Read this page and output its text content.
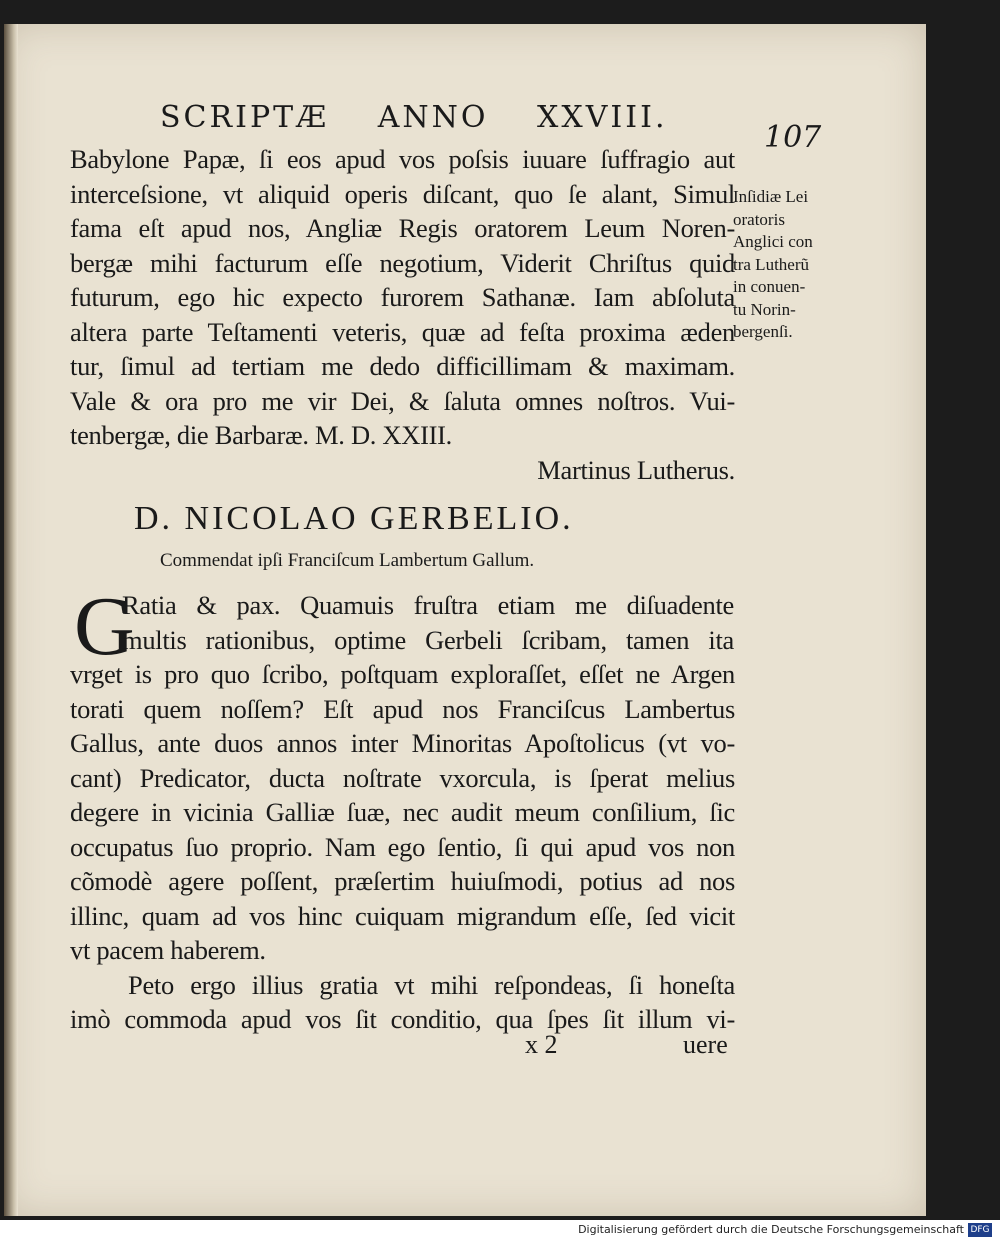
SCRIPTÆ ANNO XXVIII.
107
Babylone Papæ, ſi eos apud vos poſsis iuuare ſuffragio aut
interceſsione, vt aliquid operis diſcant, quo ſe alant, Simul
fama eſt apud nos, Angliæ Regis oratorem Leum Noren-
bergæ mihi facturum eſſe negotium, Viderit Chriſtus quid
futurum, ego hic expecto furorem Sathanæ. Iam abſoluta
altera parte Teſtamenti veteris, quæ ad feſta proxima æden
tur, ſimul ad tertiam me dedo difficillimam & maximam.
Vale & ora pro me vir Dei, & ſaluta omnes noſtros. Vui-
tenbergæ, die Barbaræ. M. D. XXIII.
Martinus Lutherus.
Inſidiæ Lei
oratoris
Anglici con
tra Lutherũ
in conuen-
tu Norin-
bergenſi.
D. NICOLAO GERBELIO.
Commendat ipſi Franciſcum Lambertum Gallum.
G
Ratia & pax. Quamuis fruſtra etiam me diſuadente
multis rationibus, optime Gerbeli ſcribam, tamen ita
vrget is pro quo ſcribo, poſtquam exploraſſet, eſſet ne Argen
torati quem noſſem? Eſt apud nos Franciſcus Lambertus
Gallus, ante duos annos inter Minoritas Apoſtolicus (vt vo-
cant) Predicator, ducta noſtrate vxorcula, is ſperat melius
degere in vicinia Galliæ ſuæ, nec audit meum conſilium, ſic
occupatus ſuo proprio. Nam ego ſentio, ſi qui apud vos non
cõmodè agere poſſent, præſertim huiuſmodi, potius ad nos
illinc, quam ad vos hinc cuiquam migrandum eſſe, ſed vicit
vt pacem haberem.
Peto ergo illius gratia vt mihi reſpondeas, ſi honeſta
imò commoda apud vos ſit conditio, qua ſpes ſit illum vi-
x 2	uere
Digitalisierung gefördert durch die Deutsche Forschungsgemeinschaft DFG
